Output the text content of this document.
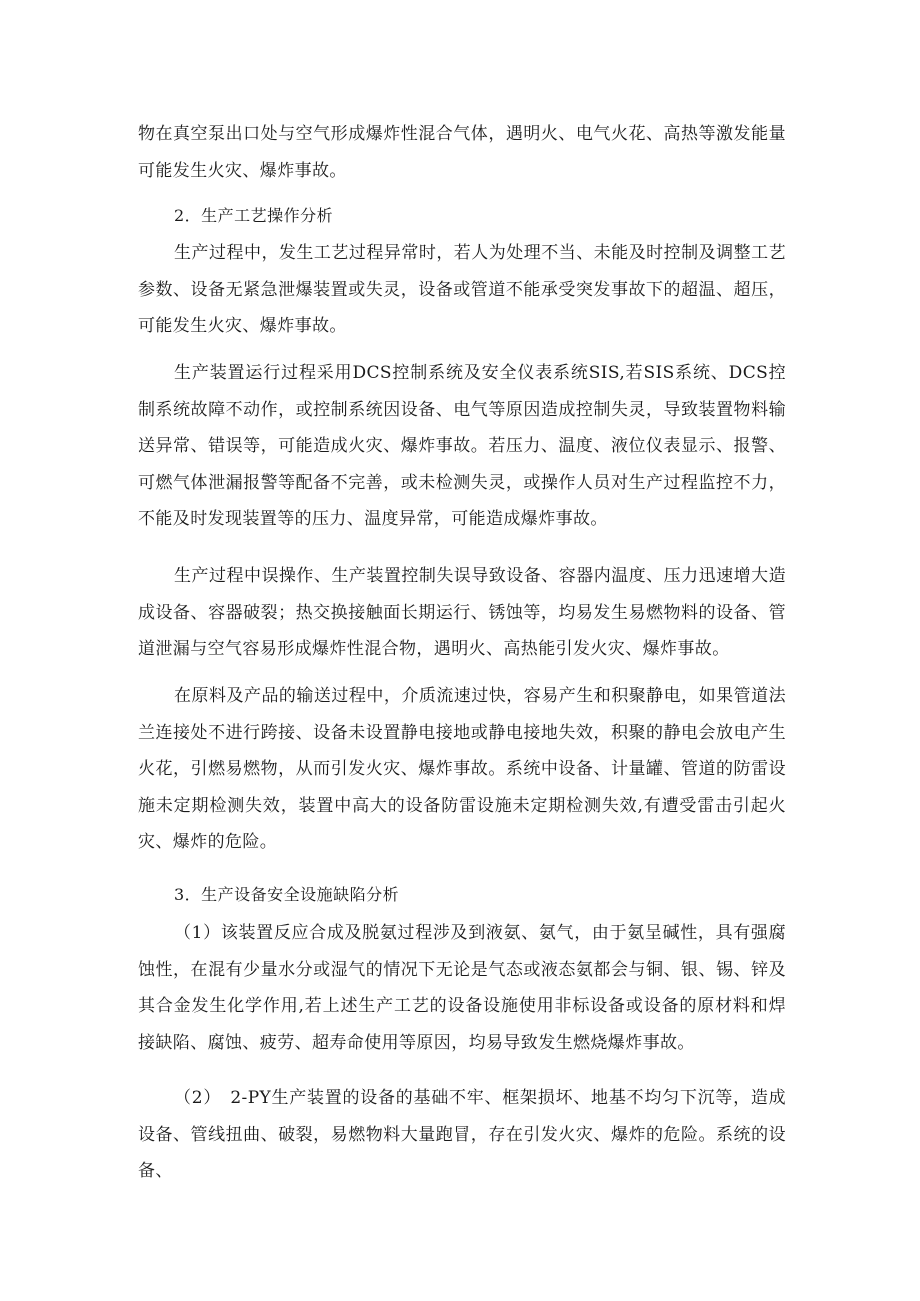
物在真空泵出口处与空气形成爆炸性混合气体，遇明火、电气火花、高热等激发能量可能发生火灾、爆炸事故。

2．生产工艺操作分析

生产过程中，发生工艺过程异常时，若人为处理不当、未能及时控制及调整工艺参数、设备无紧急泄爆装置或失灵，设备或管道不能承受突发事故下的超温、超压，可能发生火灾、爆炸事故。

生产装置运行过程采用DCS控制系统及安全仪表系统SIS,若SIS系统、DCS控制系统故障不动作，或控制系统因设备、电气等原因造成控制失灵，导致装置物料输送异常、错误等，可能造成火灾、爆炸事故。若压力、温度、液位仪表显示、报警、可燃气体泄漏报警等配备不完善，或未检测失灵，或操作人员对生产过程监控不力，不能及时发现装置等的压力、温度异常，可能造成爆炸事故。

生产过程中误操作、生产装置控制失误导致设备、容器内温度、压力迅速增大造成设备、容器破裂；热交换接触面长期运行、锈蚀等，均易发生易燃物料的设备、管道泄漏与空气容易形成爆炸性混合物，遇明火、高热能引发火灾、爆炸事故。

在原料及产品的输送过程中，介质流速过快，容易产生和积聚静电，如果管道法兰连接处不进行跨接、设备未设置静电接地或静电接地失效，积聚的静电会放电产生火花，引燃易燃物，从而引发火灾、爆炸事故。系统中设备、计量罐、管道的防雷设施未定期检测失效，装置中高大的设备防雷设施未定期检测失效,有遭受雷击引起火灾、爆炸的危险。

3．生产设备安全设施缺陷分析

（1）该装置反应合成及脱氨过程涉及到液氨、氨气，由于氨呈碱性，具有强腐蚀性，在混有少量水分或湿气的情况下无论是气态或液态氨都会与铜、银、锡、锌及其合金发生化学作用,若上述生产工艺的设备设施使用非标设备或设备的原材料和焊接缺陷、腐蚀、疲劳、超寿命使用等原因，均易导致发生燃烧爆炸事故。

（2）　2-PY生产装置的设备的基础不牢、框架损坏、地基不均匀下沉等，造成设备、管线扭曲、破裂，易燃物料大量跑冒，存在引发火灾、爆炸的危险。系统的设备、
